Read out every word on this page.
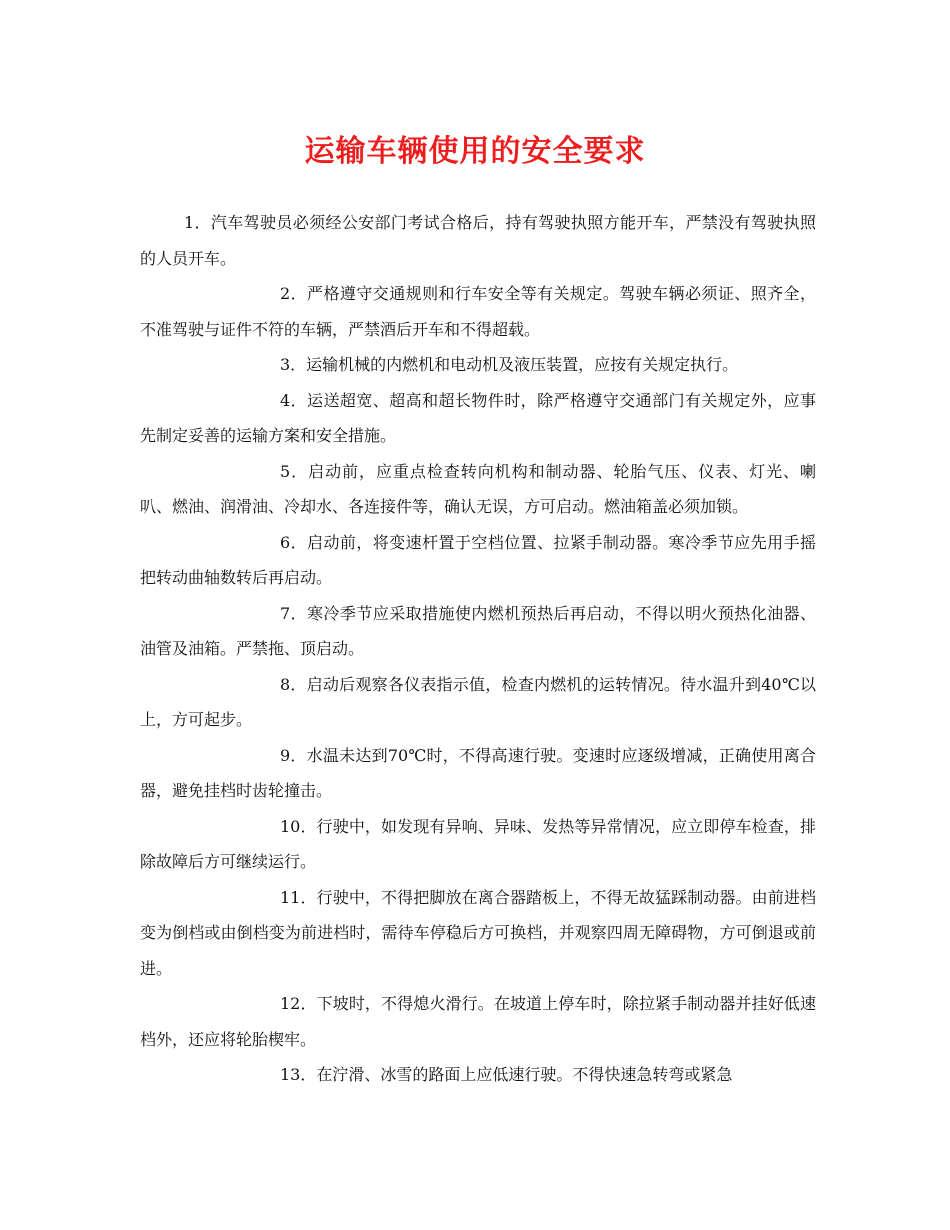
运输车辆使用的安全要求

1．汽车驾驶员必须经公安部门考试合格后，持有驾驶执照方能开车，严禁没有驾驶执照的人员开车。

2．严格遵守交通规则和行车安全等有关规定。驾驶车辆必须证、照齐全，不准驾驶与证件不符的车辆，严禁酒后开车和不得超载。

3．运输机械的内燃机和电动机及液压装置，应按有关规定执行。

4．运送超宽、超高和超长物件时，除严格遵守交通部门有关规定外，应事先制定妥善的运输方案和安全措施。

5．启动前，应重点检查转向机构和制动器、轮胎气压、仪表、灯光、喇叭、燃油、润滑油、冷却水、各连接件等，确认无误，方可启动。燃油箱盖必须加锁。

6．启动前，将变速杆置于空档位置、拉紧手制动器。寒冷季节应先用手摇把转动曲轴数转后再启动。

7．寒冷季节应采取措施使内燃机预热后再启动，不得以明火预热化油器、油管及油箱。严禁拖、顶启动。

8．启动后观察各仪表指示值，检查内燃机的运转情况。待水温升到40℃以上，方可起步。

9．水温未达到70℃时，不得高速行驶。变速时应逐级增减，正确使用离合器，避免挂档时齿轮撞击。

10．行驶中，如发现有异响、异味、发热等异常情况，应立即停车检查，排除故障后方可继续运行。

11．行驶中，不得把脚放在离合器踏板上，不得无故猛踩制动器。由前进档变为倒档或由倒档变为前进档时，需待车停稳后方可换档，并观察四周无障碍物，方可倒退或前进。

12．下坡时，不得熄火滑行。在坡道上停车时，除拉紧手制动器并挂好低速档外，还应将轮胎楔牢。

13．在泞滑、冰雪的路面上应低速行驶。不得快速急转弯或紧急
